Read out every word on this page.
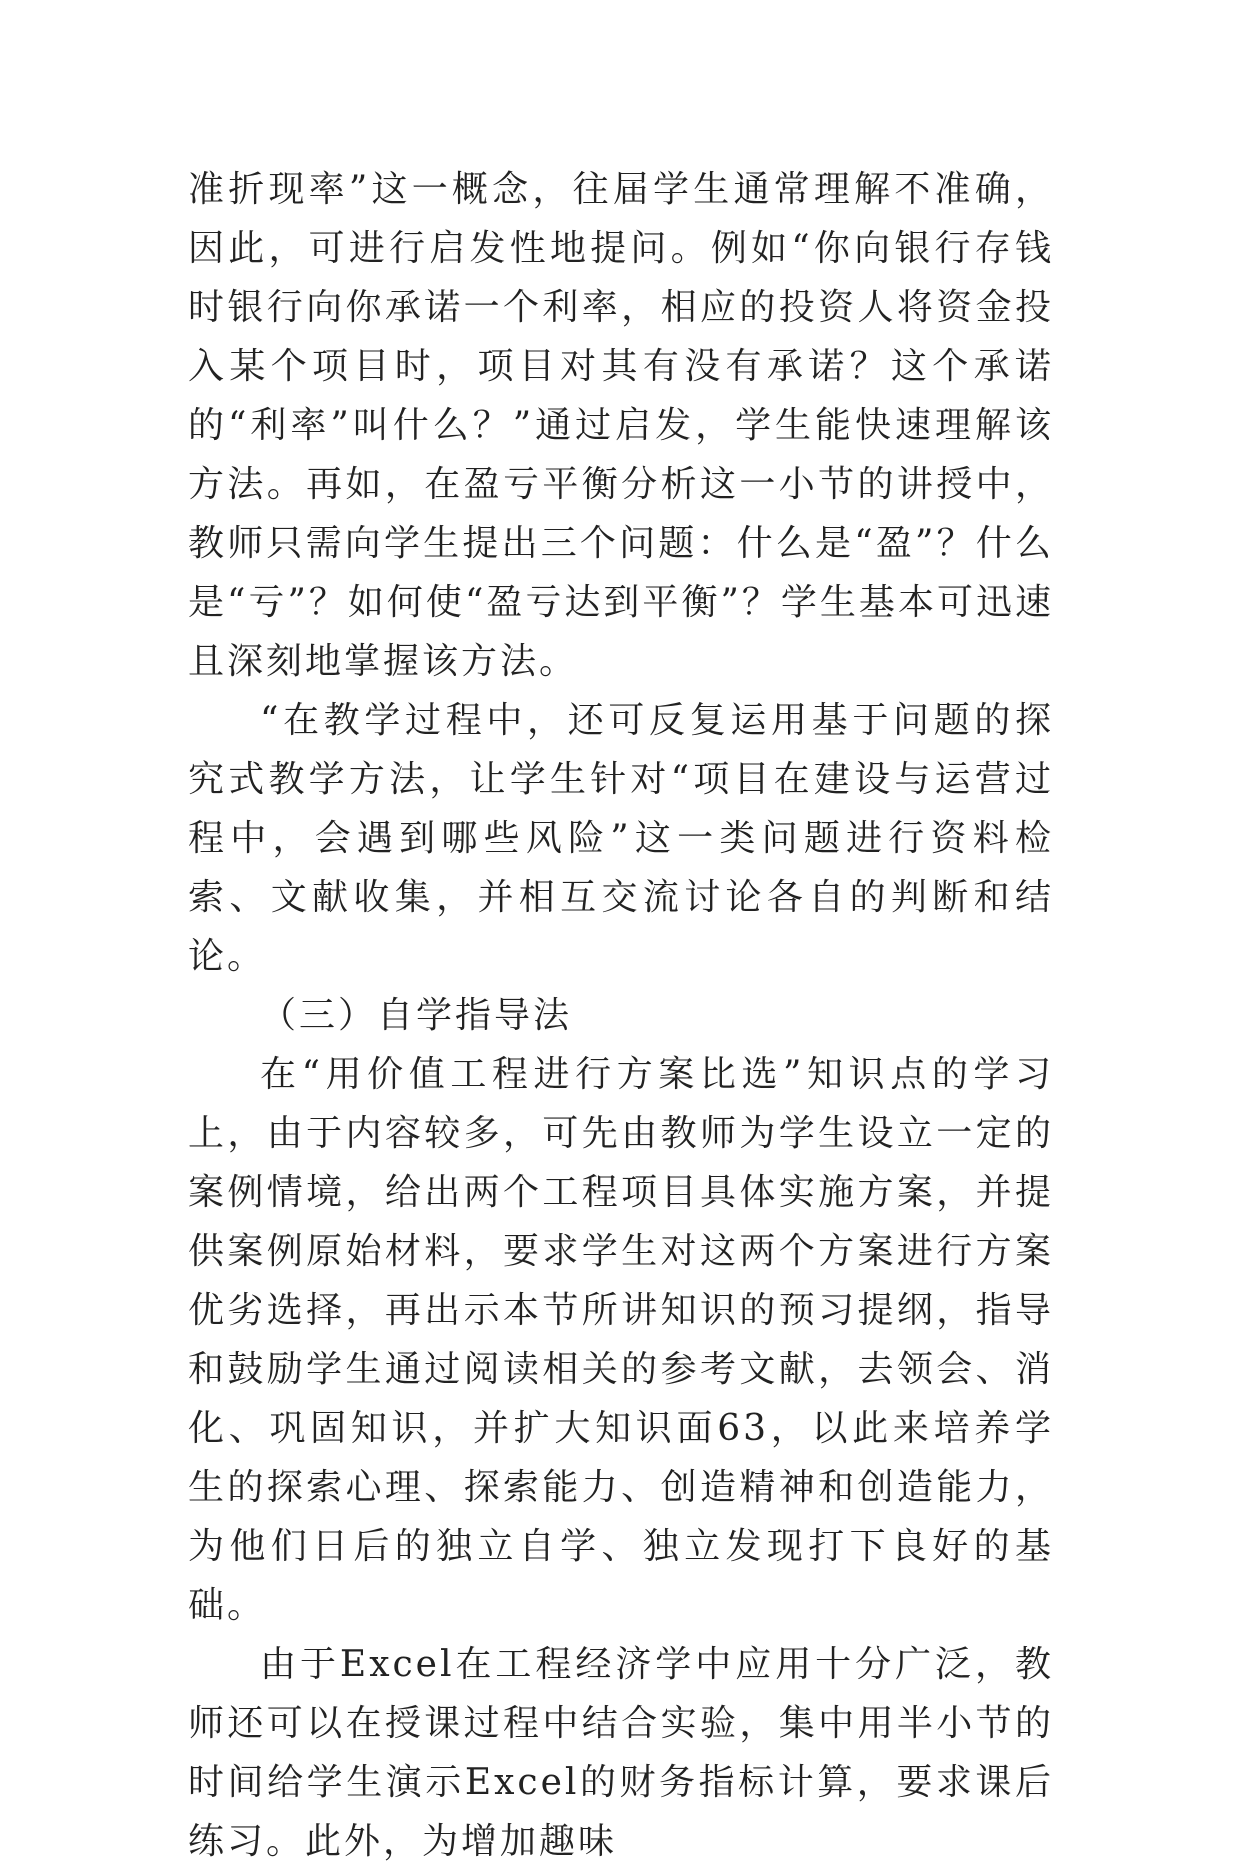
准折现率”这一概念，往届学生通常理解不准确，因此，可进行启发性地提问。例如“你向银行存钱时银行向你承诺一个利率，相应的投资人将资金投入某个项目时，项目对其有没有承诺？这个承诺的“利率”叫什么？”通过启发，学生能快速理解该方法。再如，在盈亏平衡分析这一小节的讲授中，教师只需向学生提出三个问题：什么是“盈”？什么是“亏”？如何使“盈亏达到平衡”？学生基本可迅速且深刻地掌握该方法。

“在教学过程中，还可反复运用基于问题的探究式教学方法，让学生针对“项目在建设与运营过程中，会遇到哪些风险”这一类问题进行资料检索、文献收集，并相互交流讨论各自的判断和结论。

（三）自学指导法

在“用价值工程进行方案比选”知识点的学习上，由于内容较多，可先由教师为学生设立一定的案例情境，给出两个工程项目具体实施方案，并提供案例原始材料，要求学生对这两个方案进行方案优劣选择，再出示本节所讲知识的预习提纲，指导和鼓励学生通过阅读相关的参考文献，去领会、消化、巩固知识，并扩大知识面63，以此来培养学生的探索心理、探索能力、创造精神和创造能力，为他们日后的独立自学、独立发现打下良好的基础。

由于Excel在工程经济学中应用十分广泛，教师还可以在授课过程中结合实验，集中用半小节的时间给学生演示Excel的财务指标计算，要求课后练习。此外，为增加趣味
